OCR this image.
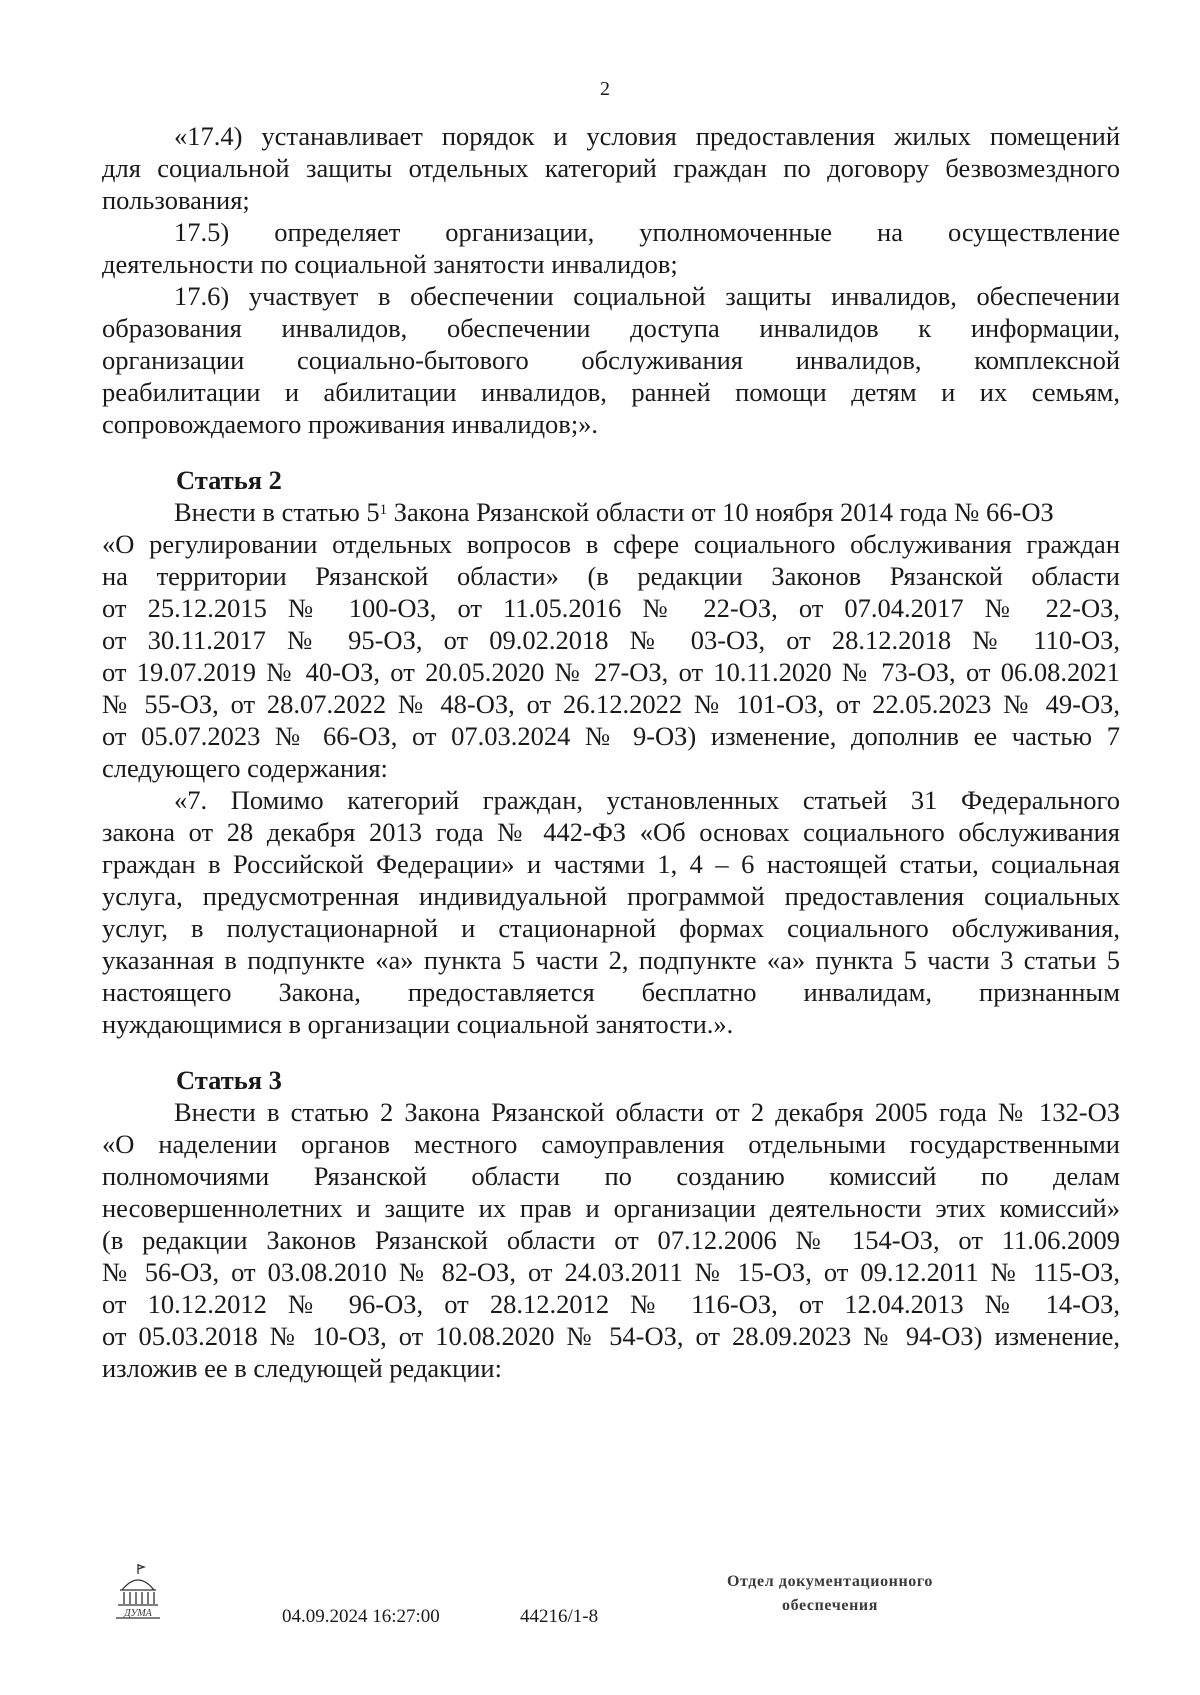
2
«17.4) устанавливает порядок и условия предоставления жилых помещений
для социальной защиты отдельных категорий граждан по договору безвозмездного
пользования;
17.5) определяет организации, уполномоченные на осуществление
деятельности по социальной занятости инвалидов;
17.6) участвует в обеспечении социальной защиты инвалидов, обеспечении
образования инвалидов, обеспечении доступа инвалидов к информации,
организации социально-бытового обслуживания инвалидов, комплексной
реабилитации и абилитации инвалидов, ранней помощи детям и их семьям,
сопровождаемого проживания инвалидов;».
Статья 2
Внести в статью $5^1$ Закона Рязанской области от 10 ноября 2014 года № 66-ОЗ
«О регулировании отдельных вопросов в сфере социального обслуживания граждан
на территории Рязанской области» (в редакции Законов Рязанской области
от 25.12.2015 № 100-ОЗ, от 11.05.2016 № 22-ОЗ, от 07.04.2017 № 22-ОЗ,
от 30.11.2017 № 95-ОЗ, от 09.02.2018 № 03-ОЗ, от 28.12.2018 № 110-ОЗ,
от 19.07.2019 № 40-ОЗ, от 20.05.2020 № 27-ОЗ, от 10.11.2020 № 73-ОЗ, от 06.08.2021
№ 55-ОЗ, от 28.07.2022 № 48-ОЗ, от 26.12.2022 № 101-ОЗ, от 22.05.2023 № 49-ОЗ,
от 05.07.2023 № 66-ОЗ, от 07.03.2024 № 9-ОЗ) изменение, дополнив ее частью 7
следующего содержания:
«7. Помимо категорий граждан, установленных статьей 31 Федерального
закона от 28 декабря 2013 года № 442-ФЗ «Об основах социального обслуживания
граждан в Российской Федерации» и частями 1, 4 – 6 настоящей статьи, социальная
услуга, предусмотренная индивидуальной программой предоставления социальных
услуг, в полустационарной и стационарной формах социального обслуживания,
указанная в подпункте «а» пункта 5 части 2, подпункте «а» пункта 5 части 3 статьи 5
настоящего Закона, предоставляется бесплатно инвалидам, признанным
нуждающимися в организации социальной занятости.».
Статья 3
Внести в статью 2 Закона Рязанской области от 2 декабря 2005 года № 132-ОЗ
«О наделении органов местного самоуправления отдельными государственными
полномочиями Рязанской области по созданию комиссий по делам
несовершеннолетних и защите их прав и организации деятельности этих комиссий»
(в редакции Законов Рязанской области от 07.12.2006 № 154-ОЗ, от 11.06.2009
№ 56-ОЗ, от 03.08.2010 № 82-ОЗ, от 24.03.2011 № 15-ОЗ, от 09.12.2011 № 115-ОЗ,
от 10.12.2012 № 96-ОЗ, от 28.12.2012 № 116-ОЗ, от 12.04.2013 № 14-ОЗ,
от 05.03.2018 № 10-ОЗ, от 10.08.2020 № 54-ОЗ, от 28.09.2023 № 94-ОЗ) изменение,
изложив ее в следующей редакции:
ДУМА	04.09.2024 16:27:00	44216/1-8
Отдел документационного
обеспечения
